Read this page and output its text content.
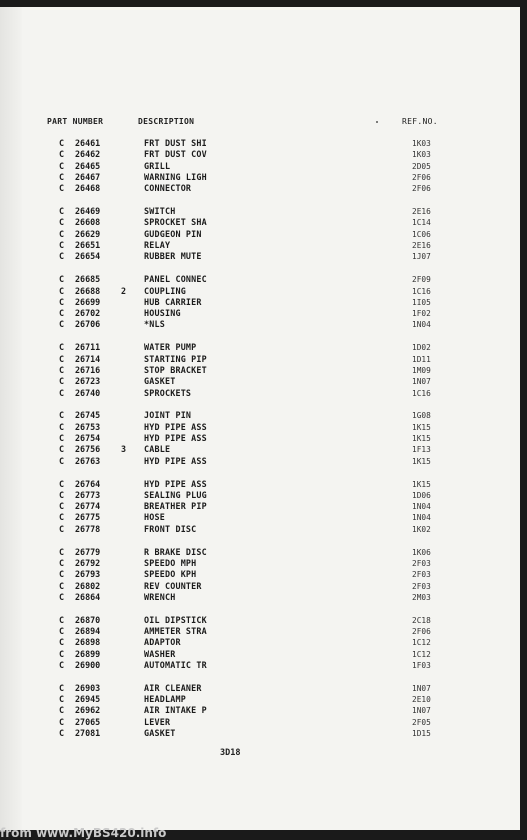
PART NUMBER	DESCRIPTION	REF.NO.
C 26461	FRT DUST SHI	1K03
C 26462	FRT DUST COV	1K03
C 26465	GRILL	2D05
C 26467	WARNING LIGH	2F06
C 26468	CONNECTOR	2F06
C 26469	SWITCH	2E16
C 26608	SPROCKET SHA	1C14
C 26629	GUDGEON PIN	1C06
C 26651	RELAY	2E16
C 26654	RUBBER MUTE	1J07
C 26685	PANEL CONNEC	2F09
C 26688 2 COUPLING	1C16
C 26699	HUB CARRIER	1I05
C 26702	HOUSING	1F02
C 26706	*NLS	1N04
C 26711	WATER PUMP	1D02
C 26714	STARTING PIP	1D11
C 26716	STOP BRACKET	1M09
C 26723	GASKET	1N07
C 26740	SPROCKETS	1C16
C 26745	JOINT PIN	1G08
C 26753	HYD PIPE ASS	1K15
C 26754	HYD PIPE ASS	1K15
C 26756 3 CABLE	1F13
C 26763	HYD PIPE ASS	1K15
C 26764	HYD PIPE ASS	1K15
C 26773	SEALING PLUG	1D06
C 26774	BREATHER PIP	1N04
C 26775	HOSE	1N04
C 26778	FRONT DISC	1K02
C 26779	R BRAKE DISC	1K06
C 26792	SPEEDO MPH	2F03
C 26793	SPEEDO KPH	2F03
C 26802	REV COUNTER	2F03
C 26864	WRENCH	2M03
C 26870	OIL DIPSTICK	2C18
C 26894	AMMETER STRA	2F06
C 26898	ADAPTOR	1C12
C 26899	WASHER	1C12
C 26900	AUTOMATIC TR	1F03
C 26903	AIR CLEANER	1N07
C 26945	HEADLAMP	2E10
C 26962	AIR INTAKE P	1N07
C 27065	LEVER	2F05
C 27081	GASKET	1D15
3D18
from www.MyBS420.info
